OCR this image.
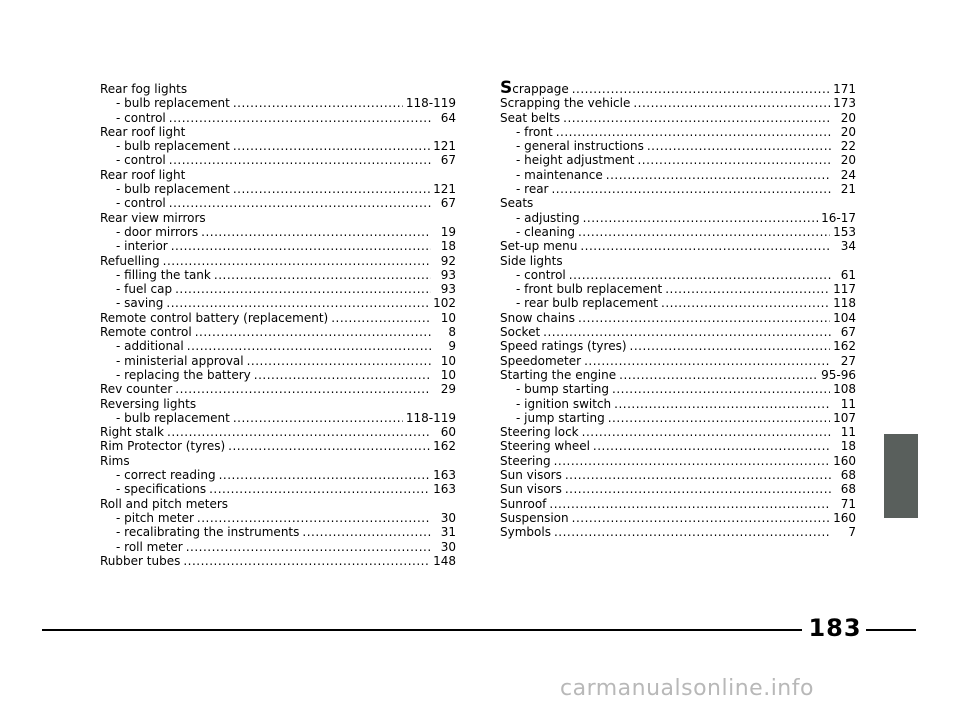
Rear fog lights
- bulb replacement .....	118-119
- control .....	64
Rear roof light
- bulb replacement .....	121
- control .....	67
Rear roof light
- bulb replacement .....	121
- control .....	67
Rear view mirrors
- door mirrors .....	19
- interior .....	18
Refuelling .....	92
- filling the tank .....	93
- fuel cap .....	93
- saving .....	102
Remote control battery (replacement) .....	10
Remote control .....	8
- additional .....	9
- ministerial approval .....	10
- replacing the battery .....	10
Rev counter .....	29
Reversing lights
- bulb replacement .....	118-119
Right stalk .....	60
Rim Protector (tyres) .....	162
Rims
- correct reading .....	163
- specifications .....	163
Roll and pitch meters
- pitch meter .....	30
- recalibrating the instruments .....	31
- roll meter .....	30
Rubber tubes .....	148
Scrappage .....	171
Scrapping the vehicle .....	173
Seat belts .....	20
- front .....	20
- general instructions .....	22
- height adjustment .....	20
- maintenance .....	24
- rear .....	21
Seats
- adjusting .....	16-17
- cleaning .....	153
Set-up menu .....	34
Side lights
- control .....	61
- front bulb replacement .....	117
- rear bulb replacement .....	118
Snow chains .....	104
Socket .....	67
Speed ratings (tyres) .....	162
Speedometer .....	27
Starting the engine .....	95-96
- bump starting .....	108
- ignition switch .....	11
- jump starting .....	107
Steering lock .....	11
Steering wheel .....	18
Steering .....	160
Sun visors .....	68
Sun visors .....	68
Sunroof .....	71
Suspension .....	160
Symbols .....	7
183
carmanualsonline.info
